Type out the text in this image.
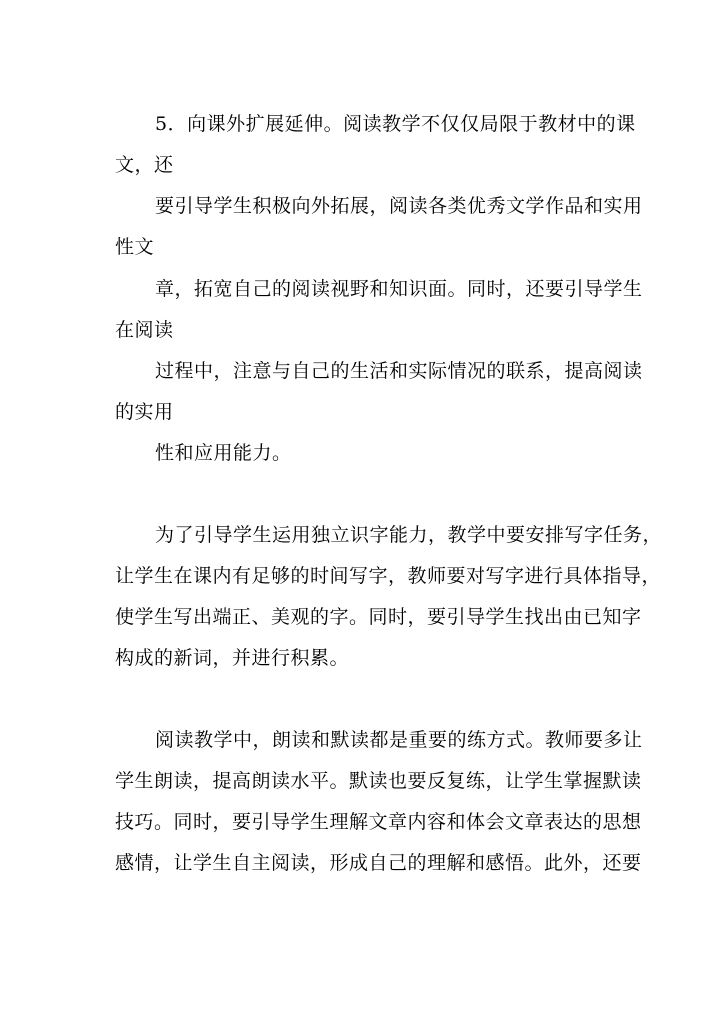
5．向课外扩展延伸。阅读教学不仅仅局限于教材中的课
文，还
要引导学生积极向外拓展，阅读各类优秀文学作品和实用
性文
章，拓宽自己的阅读视野和知识面。同时，还要引导学生
在阅读
过程中，注意与自己的生活和实际情况的联系，提高阅读
的实用
性和应用能力。
为了引导学生运用独立识字能力，教学中要安排写字任务，
让学生在课内有足够的时间写字，教师要对写字进行具体指导，
使学生写出端正、美观的字。同时，要引导学生找出由已知字
构成的新词，并进行积累。
阅读教学中，朗读和默读都是重要的练方式。教师要多让
学生朗读，提高朗读水平。默读也要反复练，让学生掌握默读
技巧。同时，要引导学生理解文章内容和体会文章表达的思想
感情，让学生自主阅读，形成自己的理解和感悟。此外，还要
